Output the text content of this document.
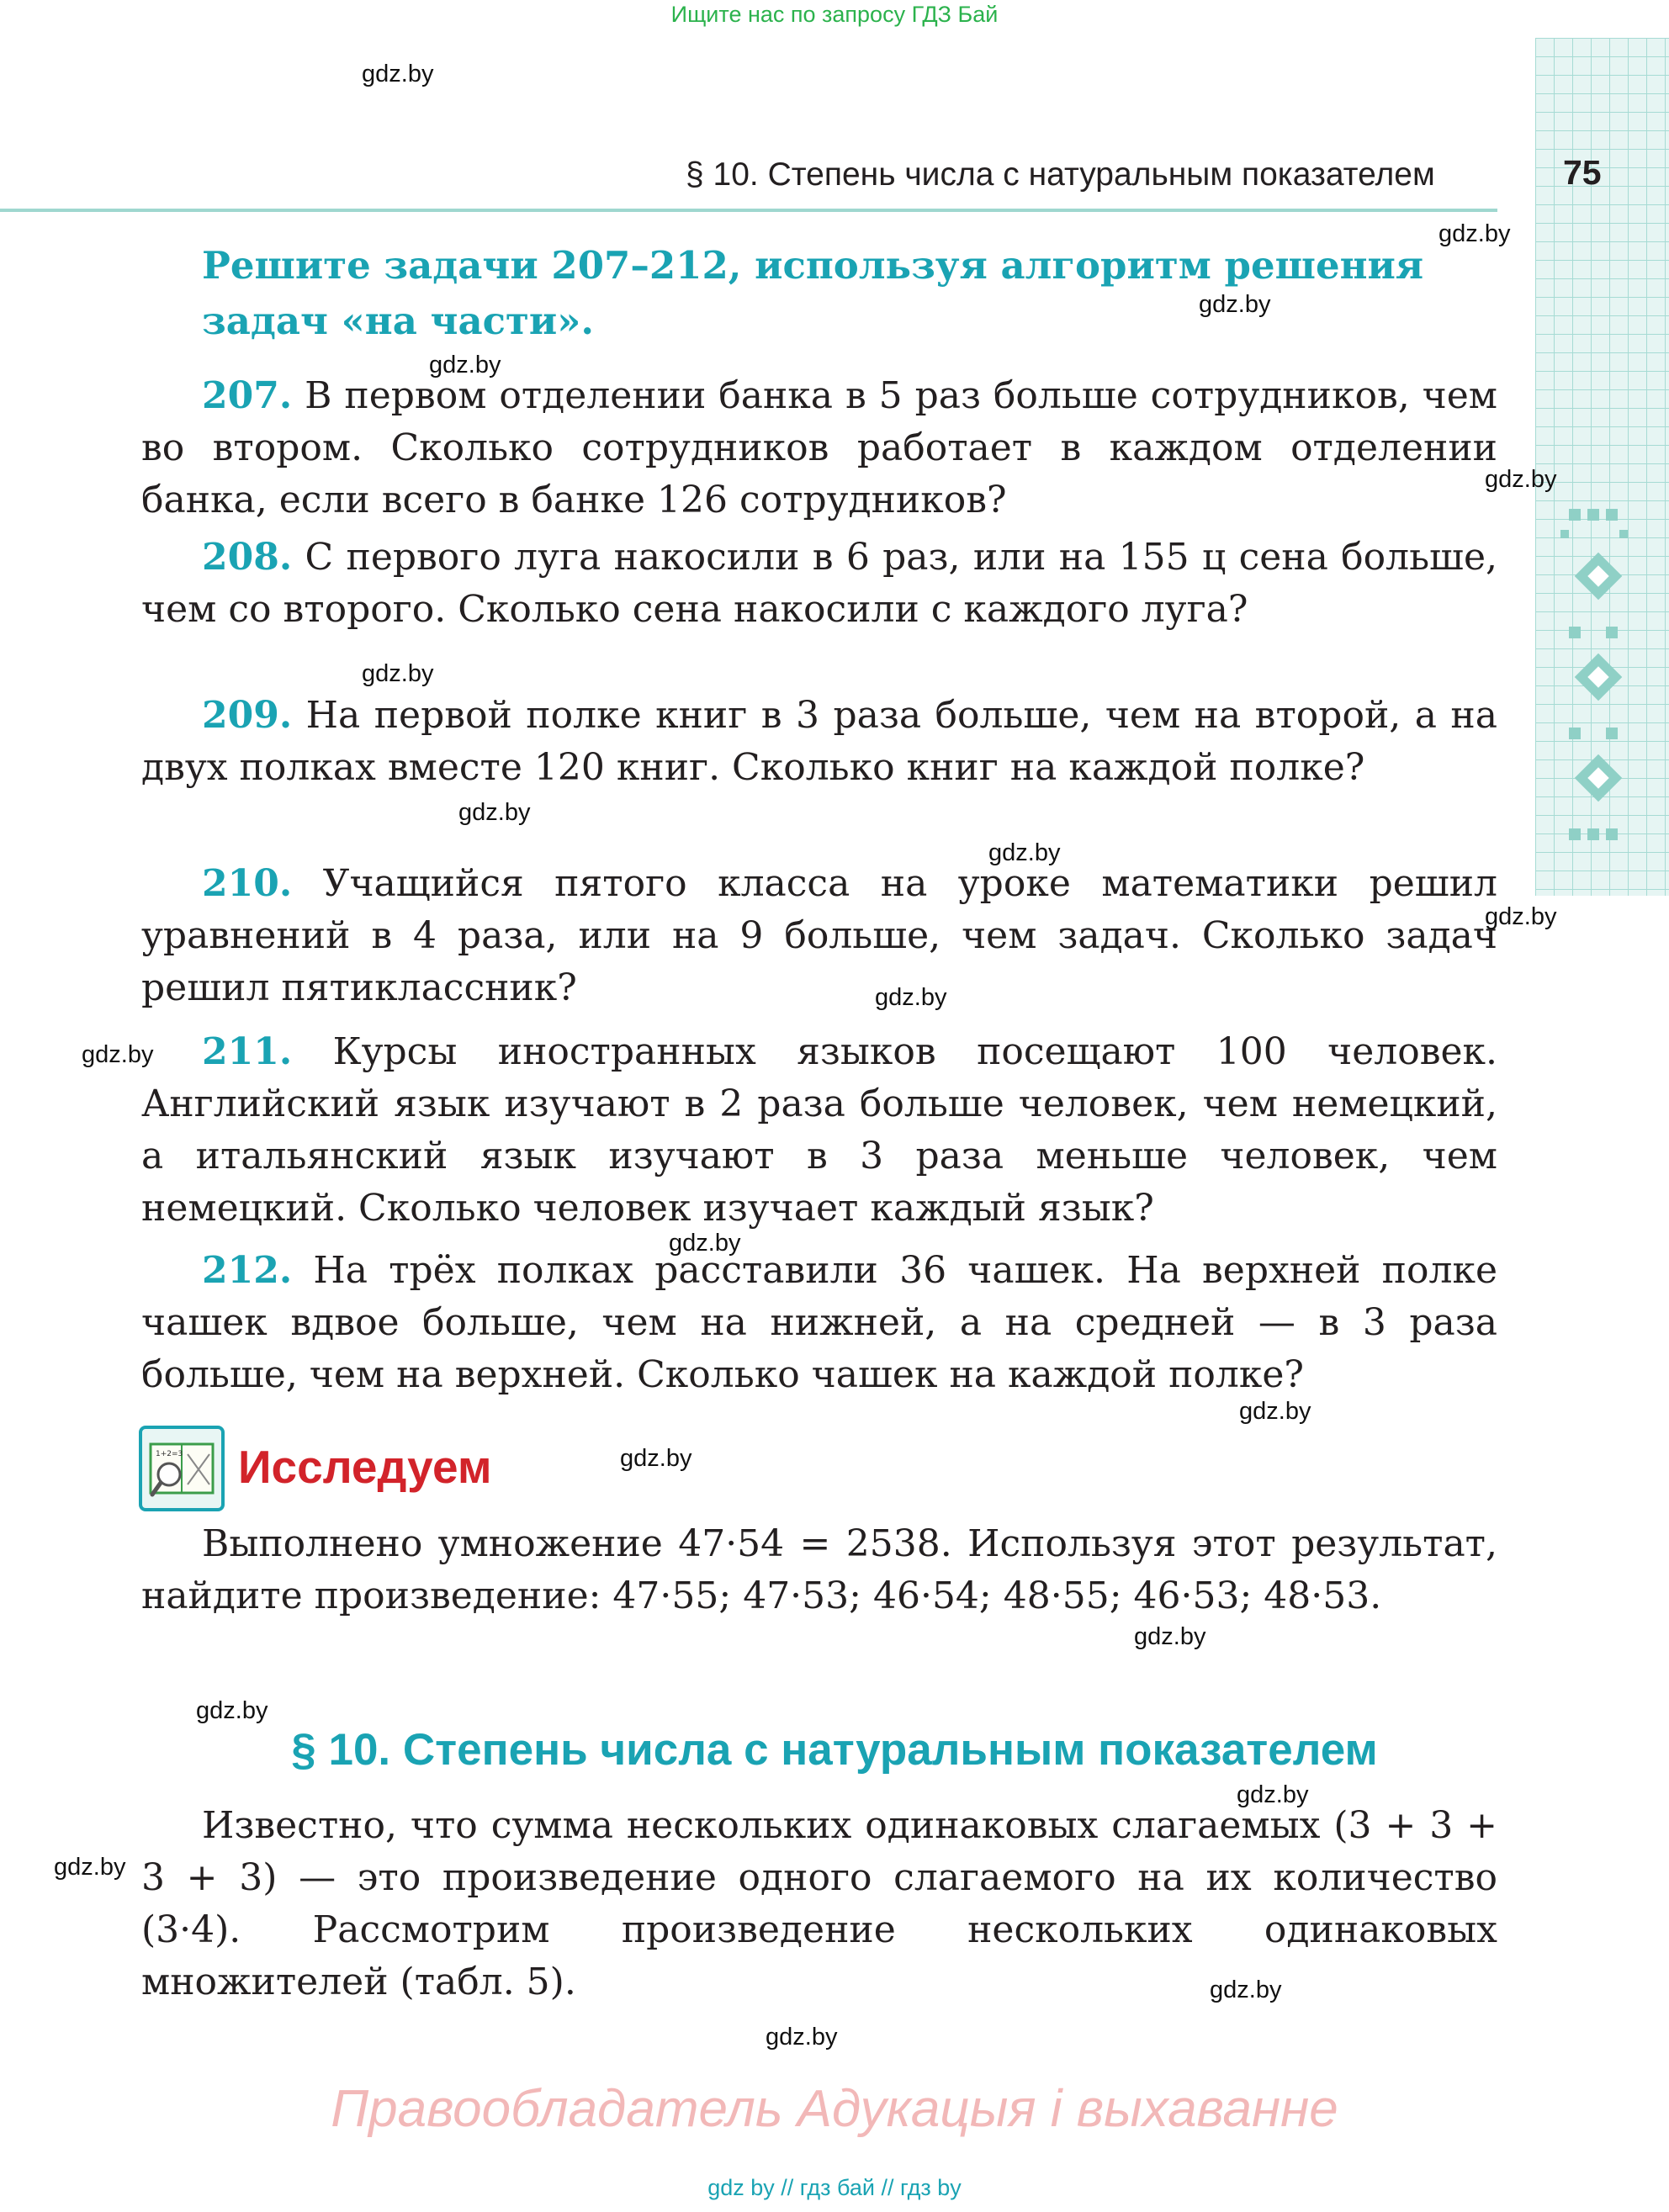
Ищите нас по запросу ГДЗ Бай
§ 10. Степень числа с натуральным показателем	75
Решите задачи 207–212, используя алгоритм решения задач «на части».

207. В первом отделении банка в 5 раз больше сотрудников, чем во втором. Сколько сотрудников работает в каждом отделении банка, если всего в банке 126 сотрудников?

208. С первого луга накосили в 6 раз, или на 155 ц сена больше, чем со второго. Сколько сена накосили с каждого луга?

209. На первой полке книг в 3 раза больше, чем на второй, а на двух полках вместе 120 книг. Сколько книг на каждой полке?

210. Учащийся пятого класса на уроке математики решил уравнений в 4 раза, или на 9 больше, чем задач. Сколько задач решил пятиклассник?

211. Курсы иностранных языков посещают 100 человек. Английский язык изучают в 2 раза больше человек, чем немецкий, а итальянский язык изучают в 3 раза меньше человек, чем немецкий. Сколько человек изучает каждый язык?

212. На трёх полках расставили 36 чашек. На верхней полке чашек вдвое больше, чем на нижней, а на средней — в 3 раза больше, чем на верхней. Сколько чашек на каждой полке?

1+2=3 Исследуем
Выполнено умножение 47·54 = 2538. Используя этот результат, найдите произведение: 47·55; 47·53; 46·54; 48·55; 46·53; 48·53.
§ 10. Степень числа с натуральным показателем
Известно, что сумма нескольких одинаковых слагаемых (3 + 3 + 3 + 3) — это произведение одного слагаемого на их количество (3·4). Рассмотрим произведение нескольких одинаковых множителей (табл. 5).
gdz.by
gdz.by
gdz.by
gdz.by
gdz.by
gdz.by
gdz.by
gdz.by
gdz.by
gdz.by
gdz.by
gdz.by
gdz.by
gdz.by
gdz.by
gdz.by
gdz.by
gdz.by
gdz.by
gdz.by
Правообладатель Адукацыя і выхаванне
gdz by // гдз бай // гдз by
